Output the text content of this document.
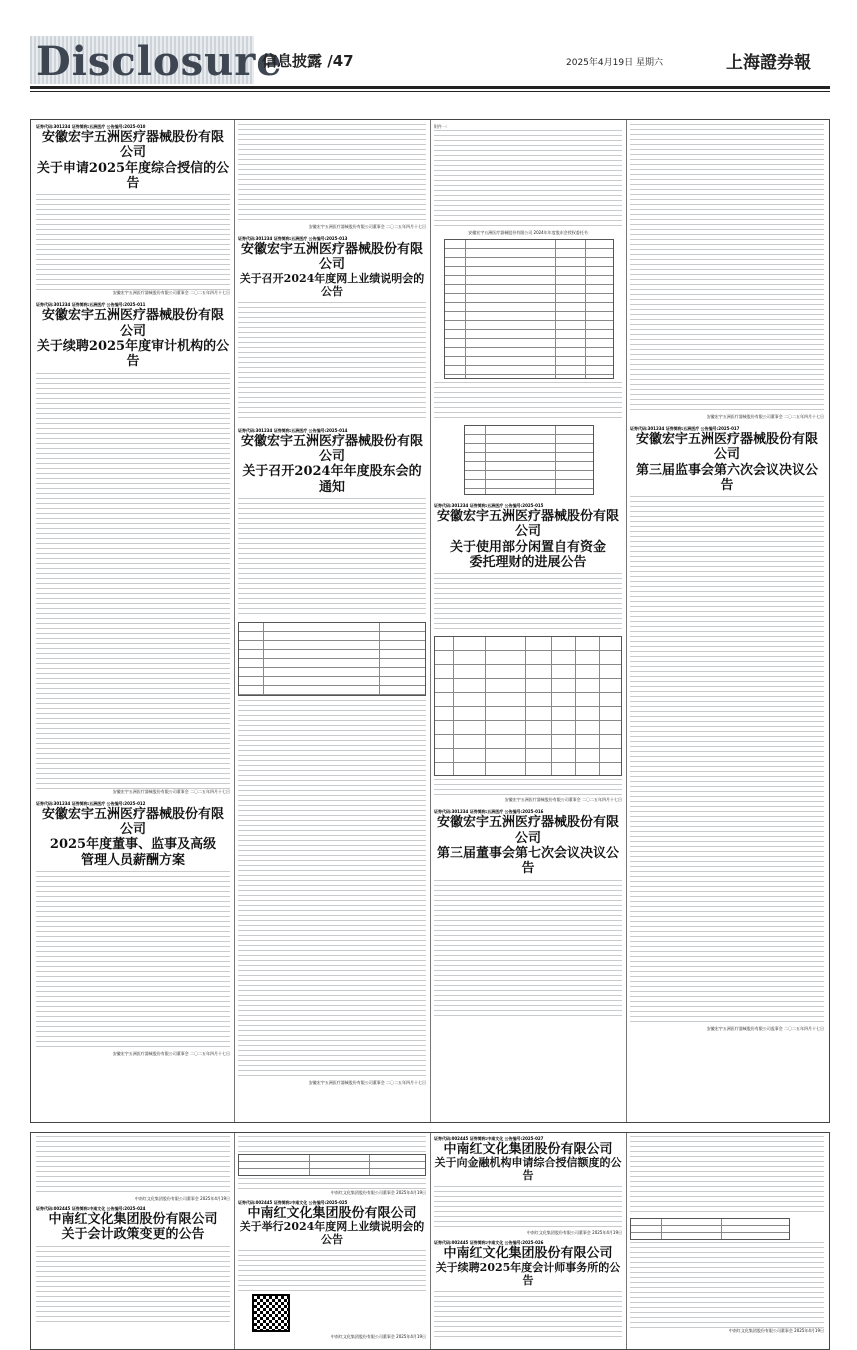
Disclosure
信息披露 /47	2025年4月19日 星期六	上海證券報
证券代码:301234 证券简称:五洲医疗 公告编号:2025-010
安徽宏宇五洲医疗器械股份有限公司
关于申请2025年度综合授信的公告
安徽宏宇五洲医疗器械股份有限公司董事会 二〇二五年四月十七日
证券代码:301234 证券简称:五洲医疗 公告编号:2025-011
安徽宏宇五洲医疗器械股份有限公司
关于续聘2025年度审计机构的公告
安徽宏宇五洲医疗器械股份有限公司董事会 二〇二五年四月十七日
证券代码:301234 证券简称:五洲医疗 公告编号:2025-012
安徽宏宇五洲医疗器械股份有限公司
2025年度董事、监事及高级
管理人员薪酬方案
安徽宏宇五洲医疗器械股份有限公司董事会 二〇二五年四月十七日
安徽宏宇五洲医疗器械股份有限公司董事会 二〇二五年四月十七日
证券代码:301234 证券简称:五洲医疗 公告编号:2025-013
安徽宏宇五洲医疗器械股份有限公司
关于召开2024年度网上业绩说明会的公告
证券代码:301234 证券简称:五洲医疗 公告编号:2025-014
安徽宏宇五洲医疗器械股份有限公司
关于召开2024年年度股东会的通知
安徽宏宇五洲医疗器械股份有限公司董事会 二〇二五年四月十七日
附件一:
安徽宏宇五洲医疗器械股份有限公司 2024年年度股东会授权委托书
证券代码:301234 证券简称:五洲医疗 公告编号:2025-015
安徽宏宇五洲医疗器械股份有限公司
关于使用部分闲置自有资金
委托理财的进展公告
安徽宏宇五洲医疗器械股份有限公司董事会 二〇二五年四月十七日
证券代码:301234 证券简称:五洲医疗 公告编号:2025-016
安徽宏宇五洲医疗器械股份有限公司
第三届董事会第七次会议决议公告
安徽宏宇五洲医疗器械股份有限公司董事会 二〇二五年四月十七日
证券代码:301234 证券简称:五洲医疗 公告编号:2025-017
安徽宏宇五洲医疗器械股份有限公司
第三届监事会第六次会议决议公告
安徽宏宇五洲医疗器械股份有限公司监事会 二〇二五年四月十七日
中南红文化集团股份有限公司董事会 2025年4月19日
证券代码:002445 证券简称:中南文化 公告编号:2025-024
中南红文化集团股份有限公司
关于会计政策变更的公告
中南红文化集团股份有限公司董事会 2025年4月19日
证券代码:002445 证券简称:中南文化 公告编号:2025-025
中南红文化集团股份有限公司
关于举行2024年度网上业绩说明会的公告
中南红文化集团股份有限公司董事会 2025年4月19日
证券代码:002445 证券简称:中南文化 公告编号:2025-027
中南红文化集团股份有限公司
关于向金融机构申请综合授信额度的公告
中南红文化集团股份有限公司董事会 2025年4月19日
证券代码:002445 证券简称:中南文化 公告编号:2025-026
中南红文化集团股份有限公司
关于续聘2025年度会计师事务所的公告
中南红文化集团股份有限公司董事会 2025年4月19日
